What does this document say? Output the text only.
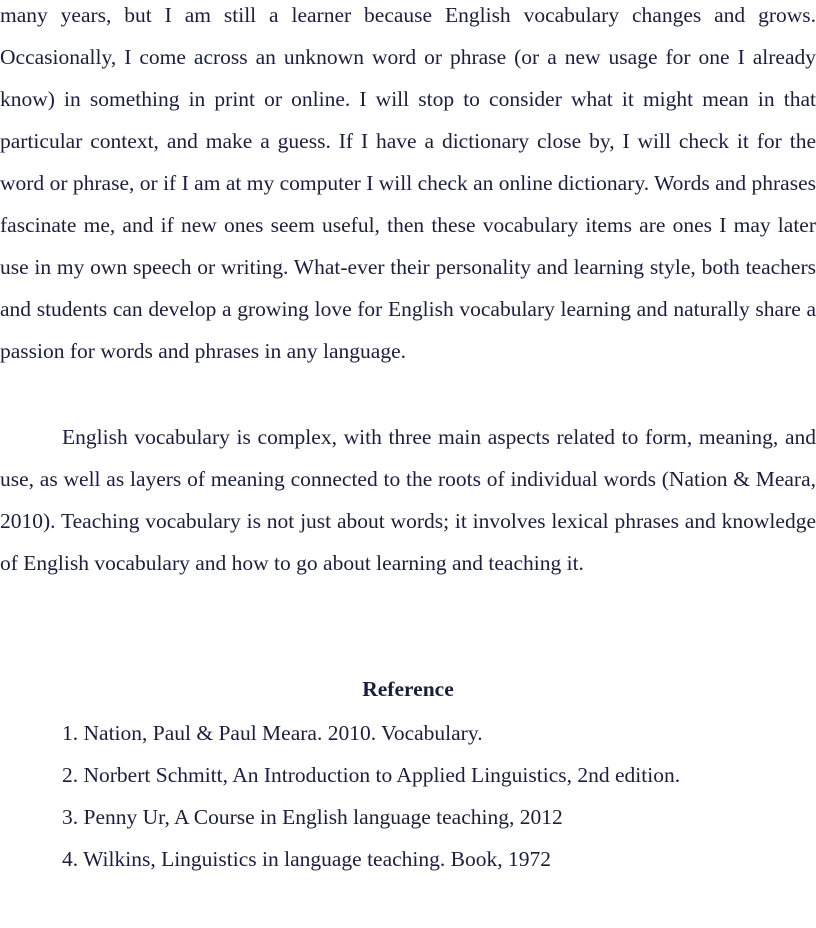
many years, but I am still a learner because English vocabulary changes and grows. Occasionally, I come across an unknown word or phrase (or a new usage for one I already know) in something in print or online. I will stop to consider what it might mean in that particular context, and make a guess. If I have a dictionary close by, I will check it for the word or phrase, or if I am at my computer I will check an online dictionary. Words and phrases fascinate me, and if new ones seem useful, then these vocabulary items are ones I may later use in my own speech or writing. What-ever their personality and learning style, both teachers and students can develop a growing love for English vocabulary learning and naturally share a passion for words and phrases in any language.

English vocabulary is complex, with three main aspects related to form, meaning, and use, as well as layers of meaning connected to the roots of individual words (Nation & Meara, 2010). Teaching vocabulary is not just about words; it involves lexical phrases and knowledge of English vocabulary and how to go about learning and teaching it.

Reference
1. Nation, Paul & Paul Meara. 2010. Vocabulary.
2. Norbert Schmitt, An Introduction to Applied Linguistics, 2nd edition.
3. Penny Ur, A Course in English language teaching, 2012
4. Wilkins, Linguistics in language teaching. Book, 1972
